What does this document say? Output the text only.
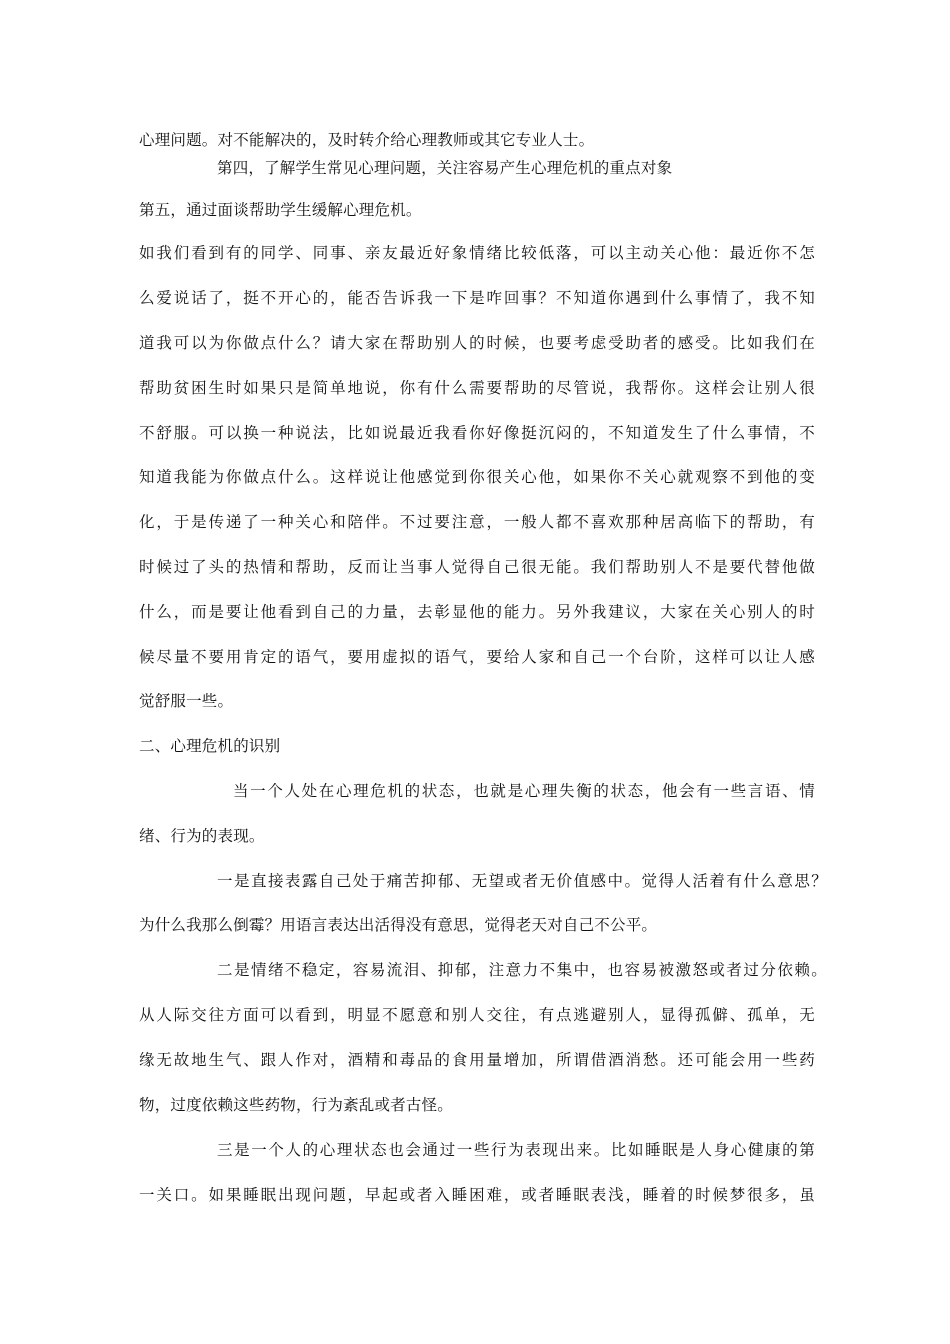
心理问题。对不能解决的，及时转介给心理教师或其它专业人士。
第四，了解学生常见心理问题，关注容易产生心理危机的重点对象
第五，通过面谈帮助学生缓解心理危机。
如我们看到有的同学、同事、亲友最近好象情绪比较低落，可以主动关心他：最近你不怎
么爱说话了，挺不开心的，能否告诉我一下是咋回事？不知道你遇到什么事情了，我不知
道我可以为你做点什么？请大家在帮助别人的时候，也要考虑受助者的感受。比如我们在
帮助贫困生时如果只是简单地说，你有什么需要帮助的尽管说，我帮你。这样会让别人很
不舒服。可以换一种说法，比如说最近我看你好像挺沉闷的，不知道发生了什么事情，不
知道我能为你做点什么。这样说让他感觉到你很关心他，如果你不关心就观察不到他的变
化，于是传递了一种关心和陪伴。不过要注意，一般人都不喜欢那种居高临下的帮助，有
时候过了头的热情和帮助，反而让当事人觉得自己很无能。我们帮助别人不是要代替他做
什么，而是要让他看到自己的力量，去彰显他的能力。另外我建议，大家在关心别人的时
候尽量不要用肯定的语气，要用虚拟的语气，要给人家和自己一个台阶，这样可以让人感
觉舒服一些。
二、心理危机的识别
当一个人处在心理危机的状态，也就是心理失衡的状态，他会有一些言语、情
绪、行为的表现。
一是直接表露自己处于痛苦抑郁、无望或者无价值感中。觉得人活着有什么意思？
为什么我那么倒霉？用语言表达出活得没有意思，觉得老天对自己不公平。
二是情绪不稳定，容易流泪、抑郁，注意力不集中，也容易被激怒或者过分依赖。
从人际交往方面可以看到，明显不愿意和别人交往，有点逃避别人，显得孤僻、孤单，无
缘无故地生气、跟人作对，酒精和毒品的食用量增加，所谓借酒消愁。还可能会用一些药
物，过度依赖这些药物，行为紊乱或者古怪。
三是一个人的心理状态也会通过一些行为表现出来。比如睡眠是人身心健康的第
一关口。如果睡眠出现问题，早起或者入睡困难，或者睡眠表浅，睡着的时候梦很多，虽
